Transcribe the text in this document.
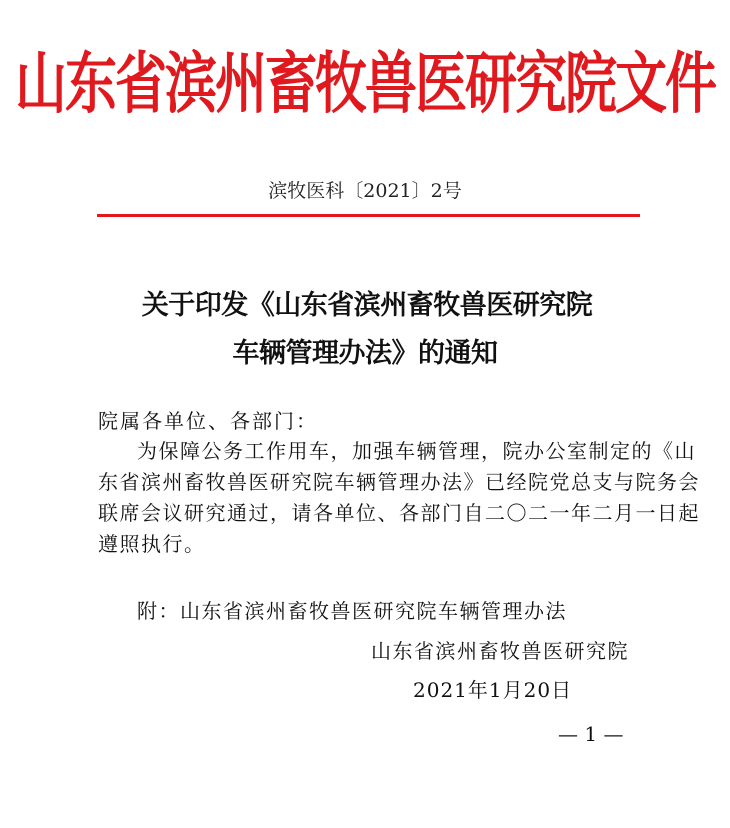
山东省滨州畜牧兽医研究院文件
滨牧医科〔2021〕2号
关于印发《山东省滨州畜牧兽医研究院
车辆管理办法》的通知
院属各单位、各部门：
为保障公务工作用车，加强车辆管理，院办公室制定的《山
东省滨州畜牧兽医研究院车辆管理办法》已经院党总支与院务会
联席会议研究通过，请各单位、各部门自二〇二一年二月一日起
遵照执行。
附：山东省滨州畜牧兽医研究院车辆管理办法
山东省滨州畜牧兽医研究院
2021年1月20日
— 1 —
